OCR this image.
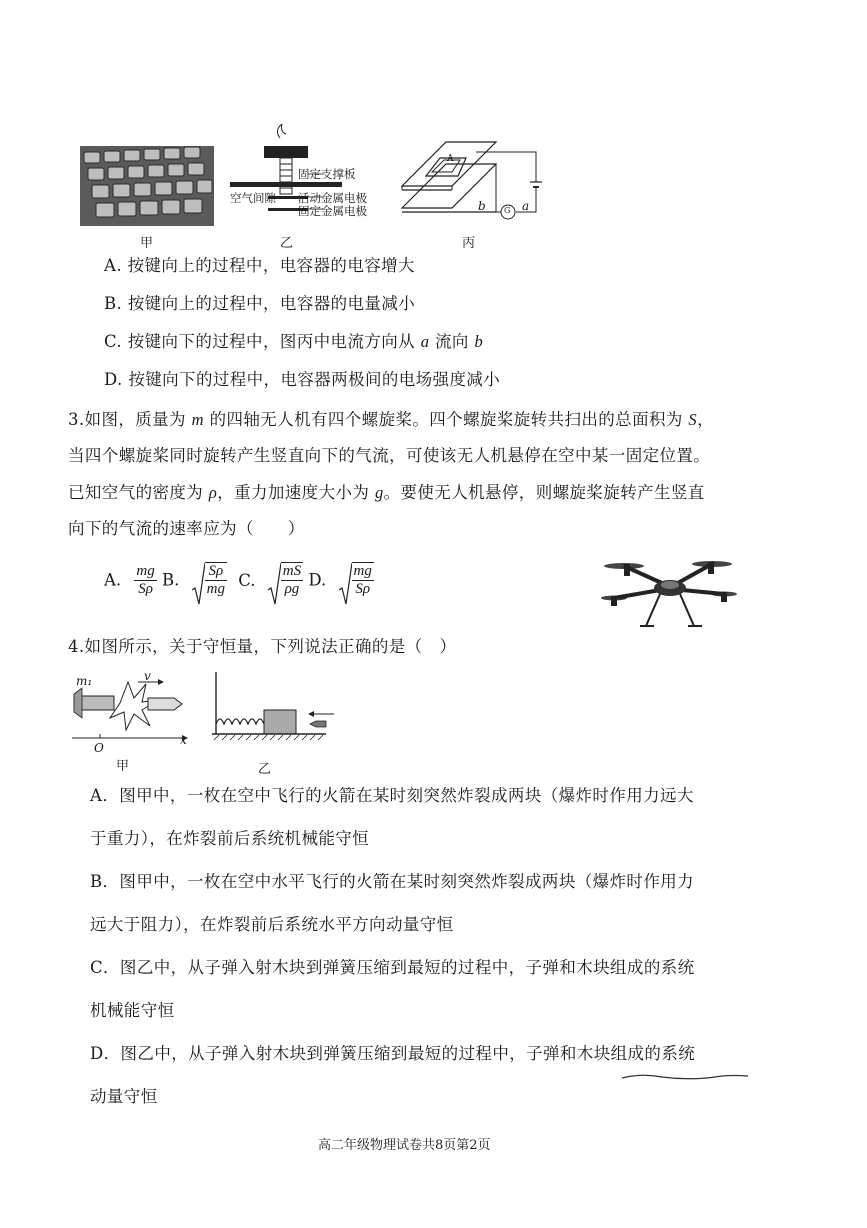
甲
固定支撑板
空气间隙 活动金属电极
固定金属电极
乙
A
b G a
丙
A. 按键向上的过程中，电容器的电容增大
B. 按键向上的过程中，电容器的电量减小
C. 按键向下的过程中，图丙中电流方向从 a 流向 b
D. 按键向下的过程中，电容器两极间的电场强度减小
3.如图，质量为 m 的四轴无人机有四个螺旋桨。四个螺旋桨旋转共扫出的总面积为 S，
当四个螺旋桨同时旋转产生竖直向下的气流，可使该无人机悬停在空中某一固定位置。
已知空气的密度为 ρ，重力加速度大小为 g。要使无人机悬停，则螺旋桨旋转产生竖直
向下的气流的速率应为（　　）
A. $\frac{mg}{S\rho} B$. $\frac{S\rho}{mg} C$. $\frac{mS}{\rho g} D$. $\frac{mg}{S\rho}$
4.如图所示，关于守恒量，下列说法正确的是（　）
m₁	v
O
x
甲	乙
A．图甲中，一枚在空中飞行的火箭在某时刻突然炸裂成两块（爆炸时作用力远大
于重力），在炸裂前后系统机械能守恒
B．图甲中，一枚在空中水平飞行的火箭在某时刻突然炸裂成两块（爆炸时作用力
远大于阻力），在炸裂前后系统水平方向动量守恒
C．图乙中，从子弹入射木块到弹簧压缩到最短的过程中，子弹和木块组成的系统
机械能守恒
D．图乙中，从子弹入射木块到弹簧压缩到最短的过程中，子弹和木块组成的系统
动量守恒
高二年级物理试卷共8页第2页
